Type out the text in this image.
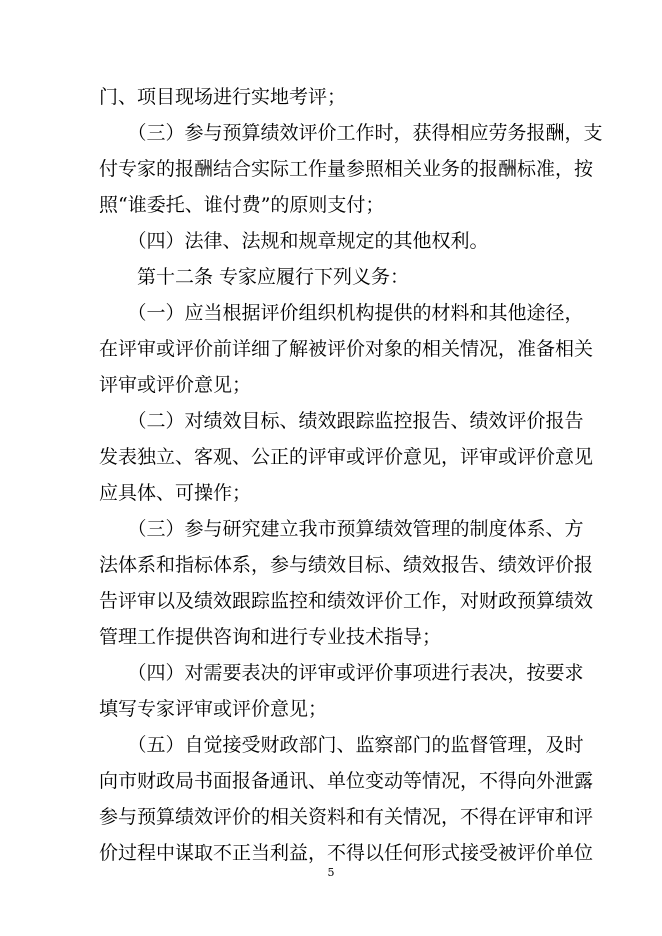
门、项目现场进行实地考评；
　　（三）参与预算绩效评价工作时，获得相应劳务报酬，支
付专家的报酬结合实际工作量参照相关业务的报酬标准，按
照“谁委托、谁付费”的原则支付；
　　（四）法律、法规和规章规定的其他权利。
　　第十二条 专家应履行下列义务：
　　（一）应当根据评价组织机构提供的材料和其他途径，
在评审或评价前详细了解被评价对象的相关情况，准备相关
评审或评价意见；
　　（二）对绩效目标、绩效跟踪监控报告、绩效评价报告
发表独立、客观、公正的评审或评价意见，评审或评价意见
应具体、可操作；
　　（三）参与研究建立我市预算绩效管理的制度体系、方
法体系和指标体系，参与绩效目标、绩效报告、绩效评价报
告评审以及绩效跟踪监控和绩效评价工作，对财政预算绩效
管理工作提供咨询和进行专业技术指导；
　　（四）对需要表决的评审或评价事项进行表决，按要求
填写专家评审或评价意见；
　　（五）自觉接受财政部门、监察部门的监督管理，及时
向市财政局书面报备通讯、单位变动等情况，不得向外泄露
参与预算绩效评价的相关资料和有关情况，不得在评审和评
价过程中谋取不正当利益，不得以任何形式接受被评价单位
5
